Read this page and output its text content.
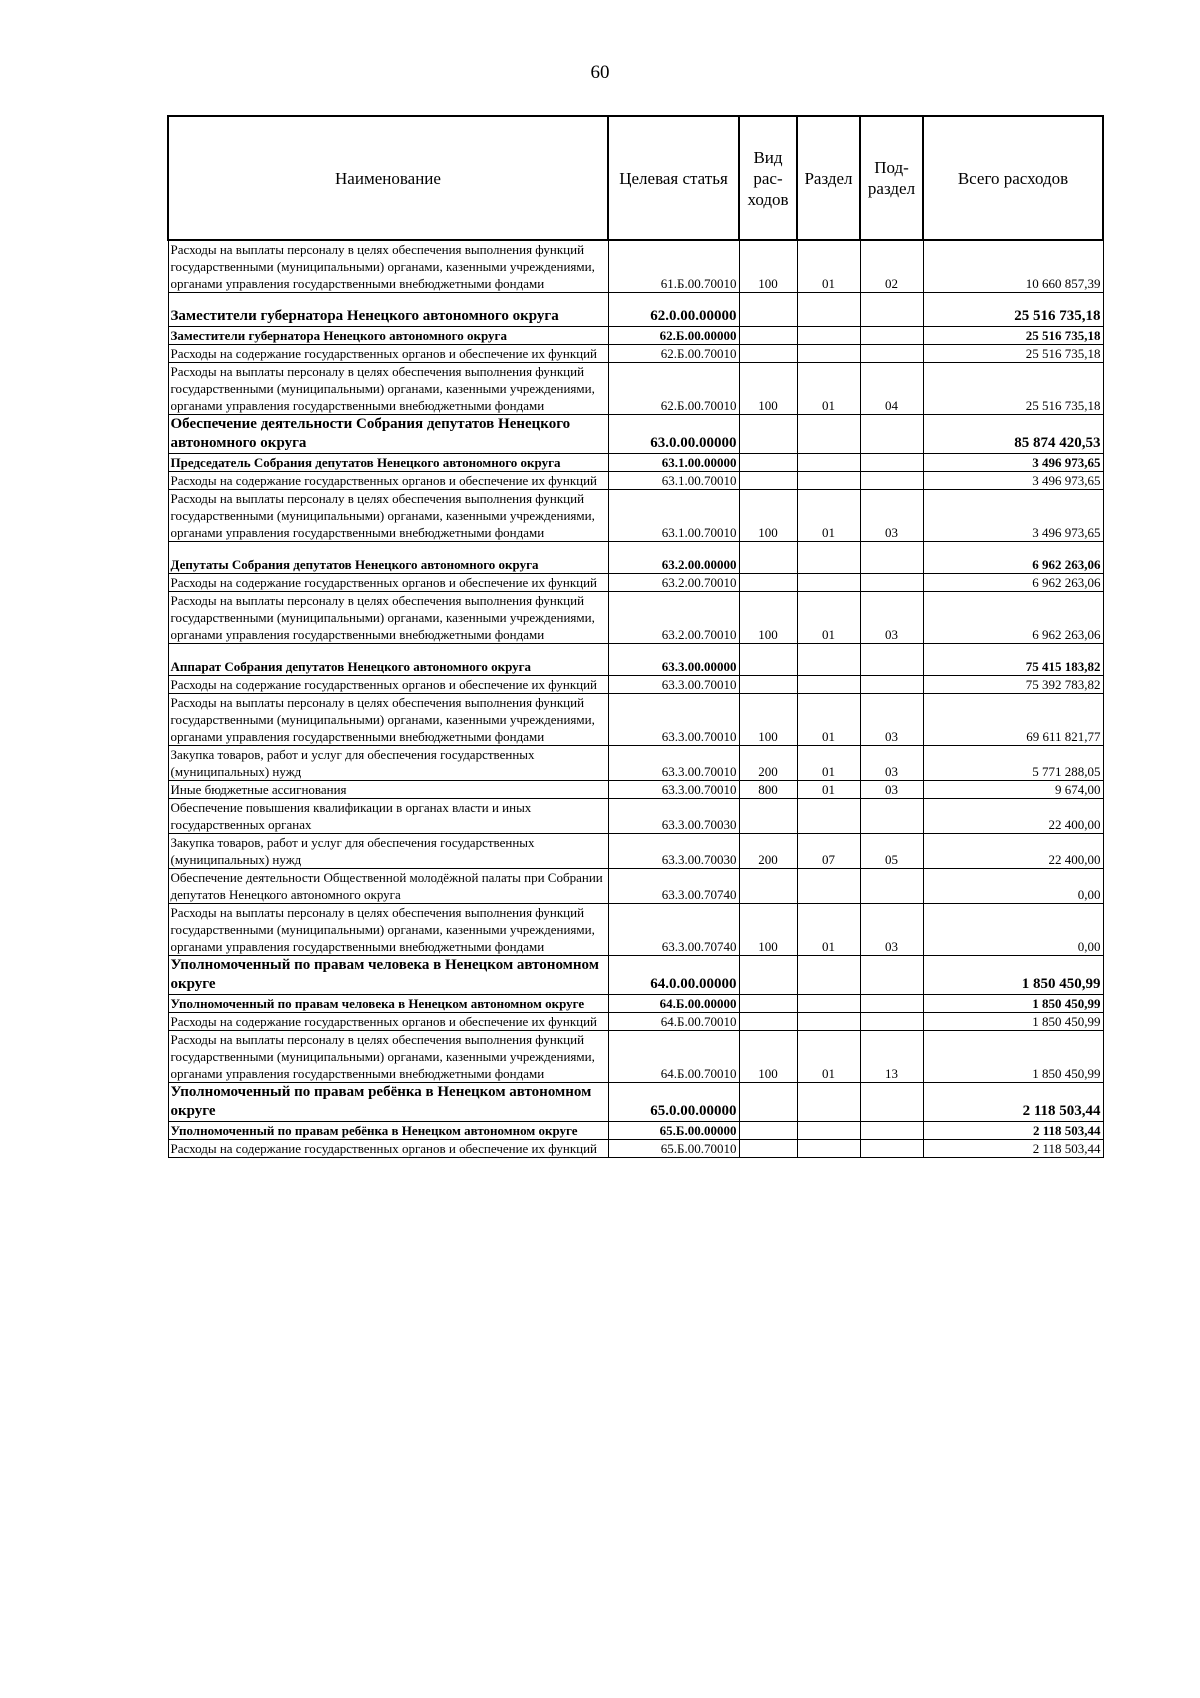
60
Наименование	Целевая статья	Вид рас- ходов	Раздел	Под- раздел	Всего расходов
Расходы на выплаты персоналу в целях обеспечения выполнения функций государственными (муниципальными) органами, казенными учреждениями, органами управления государственными внебюджетными фондами	61.Б.00.70010	100	01	02	10 660 857,39
Заместители губернатора Ненецкого автономного округа	62.0.00.00000				25 516 735,18
Заместители губернатора Ненецкого автономного округа	62.Б.00.00000				25 516 735,18
Расходы на содержание государственных органов и обеспечение их функций	62.Б.00.70010				25 516 735,18
Расходы на выплаты персоналу в целях обеспечения выполнения функций государственными (муниципальными) органами, казенными учреждениями, органами управления государственными внебюджетными фондами	62.Б.00.70010	100	01	04	25 516 735,18
Обеспечение деятельности Собрания депутатов Ненецкого автономного округа	63.0.00.00000				85 874 420,53
Председатель Собрания депутатов Ненецкого автономного округа	63.1.00.00000				3 496 973,65
Расходы на содержание государственных органов и обеспечение их функций	63.1.00.70010				3 496 973,65
Расходы на выплаты персоналу в целях обеспечения выполнения функций государственными (муниципальными) органами, казенными учреждениями, органами управления государственными внебюджетными фондами	63.1.00.70010	100	01	03	3 496 973,65
Депутаты Собрания депутатов Ненецкого автономного округа	63.2.00.00000				6 962 263,06
Расходы на содержание государственных органов и обеспечение их функций	63.2.00.70010				6 962 263,06
Расходы на выплаты персоналу в целях обеспечения выполнения функций государственными (муниципальными) органами, казенными учреждениями, органами управления государственными внебюджетными фондами	63.2.00.70010	100	01	03	6 962 263,06
Аппарат Собрания депутатов Ненецкого автономного округа	63.3.00.00000				75 415 183,82
Расходы на содержание государственных органов и обеспечение их функций	63.3.00.70010				75 392 783,82
Расходы на выплаты персоналу в целях обеспечения выполнения функций государственными (муниципальными) органами, казенными учреждениями, органами управления государственными внебюджетными фондами	63.3.00.70010	100	01	03	69 611 821,77
Закупка товаров, работ и услуг для обеспечения государственных (муниципальных) нужд	63.3.00.70010	200	01	03	5 771 288,05
Иные бюджетные ассигнования	63.3.00.70010	800	01	03	9 674,00
Обеспечение повышения квалификации в органах власти и иных государственных органах	63.3.00.70030				22 400,00
Закупка товаров, работ и услуг для обеспечения государственных (муниципальных) нужд	63.3.00.70030	200	07	05	22 400,00
Обеспечение деятельности Общественной молодёжной палаты при Собрании депутатов Ненецкого автономного округа	63.3.00.70740				0,00
Расходы на выплаты персоналу в целях обеспечения выполнения функций государственными (муниципальными) органами, казенными учреждениями, органами управления государственными внебюджетными фондами	63.3.00.70740	100	01	03	0,00
Уполномоченный по правам человека в Ненецком автономном округе	64.0.00.00000				1 850 450,99
Уполномоченный по правам человека в Ненецком автономном округе	64.Б.00.00000				1 850 450,99
Расходы на содержание государственных органов и обеспечение их функций	64.Б.00.70010				1 850 450,99
Расходы на выплаты персоналу в целях обеспечения выполнения функций государственными (муниципальными) органами, казенными учреждениями, органами управления государственными внебюджетными фондами	64.Б.00.70010	100	01	13	1 850 450,99
Уполномоченный по правам ребёнка в Ненецком автономном округе	65.0.00.00000				2 118 503,44
Уполномоченный по правам ребёнка в Ненецком автономном округе	65.Б.00.00000				2 118 503,44
Расходы на содержание государственных органов и обеспечение их функций	65.Б.00.70010				2 118 503,44
